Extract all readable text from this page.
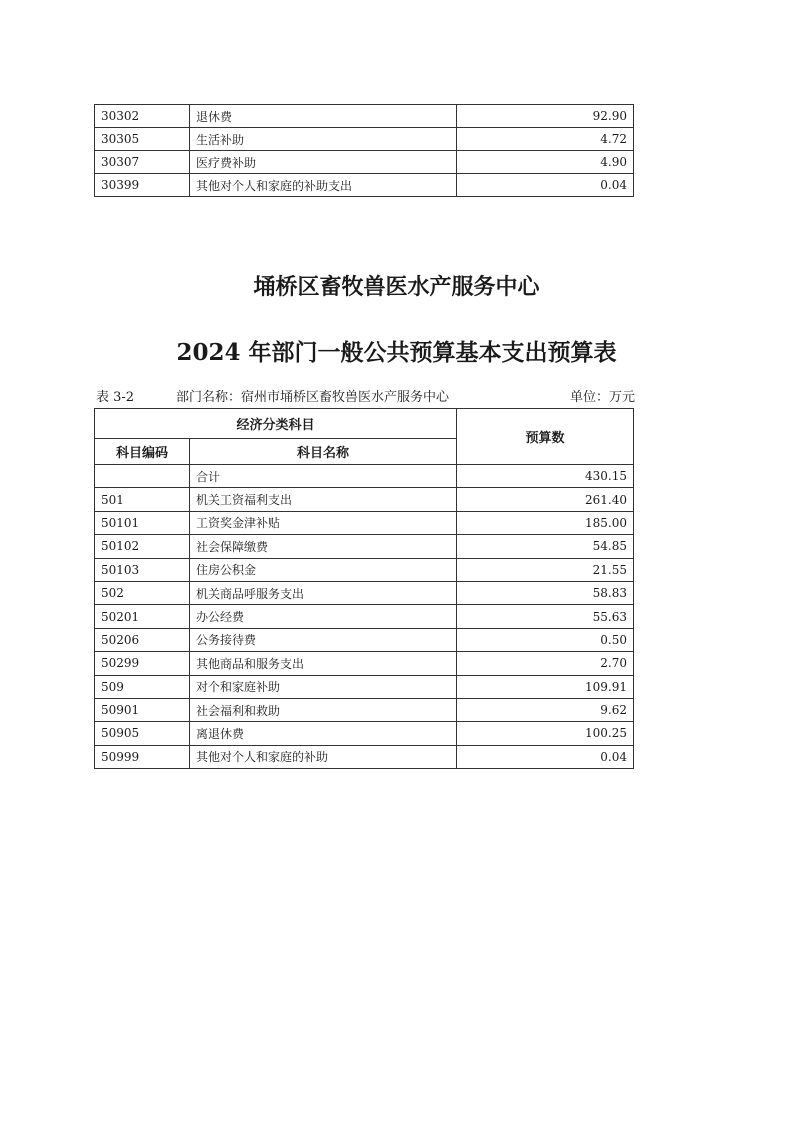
30302	退休费	92.90
30305	生活补助	4.72
30307	医疗费补助	4.90
30399	其他对个人和家庭的补助支出	0.04
埇桥区畜牧兽医水产服务中心
2024 年部门一般公共预算基本支出预算表
表 3-2	部门名称：宿州市埇桥区畜牧兽医水产服务中心	单位：万元
经济分类科目		预算数
科目编码	科目名称	
	合计	430.15
501	机关工资福利支出	261.40
50101	工资奖金津补贴	185.00
50102	社会保障缴费	54.85
50103	住房公积金	21.55
502	机关商品呼服务支出	58.83
50201	办公经费	55.63
50206	公务接待费	0.50
50299	其他商品和服务支出	2.70
509	对个和家庭补助	109.91
50901	社会福利和救助	9.62
50905	离退休费	100.25
50999	其他对个人和家庭的补助	0.04
